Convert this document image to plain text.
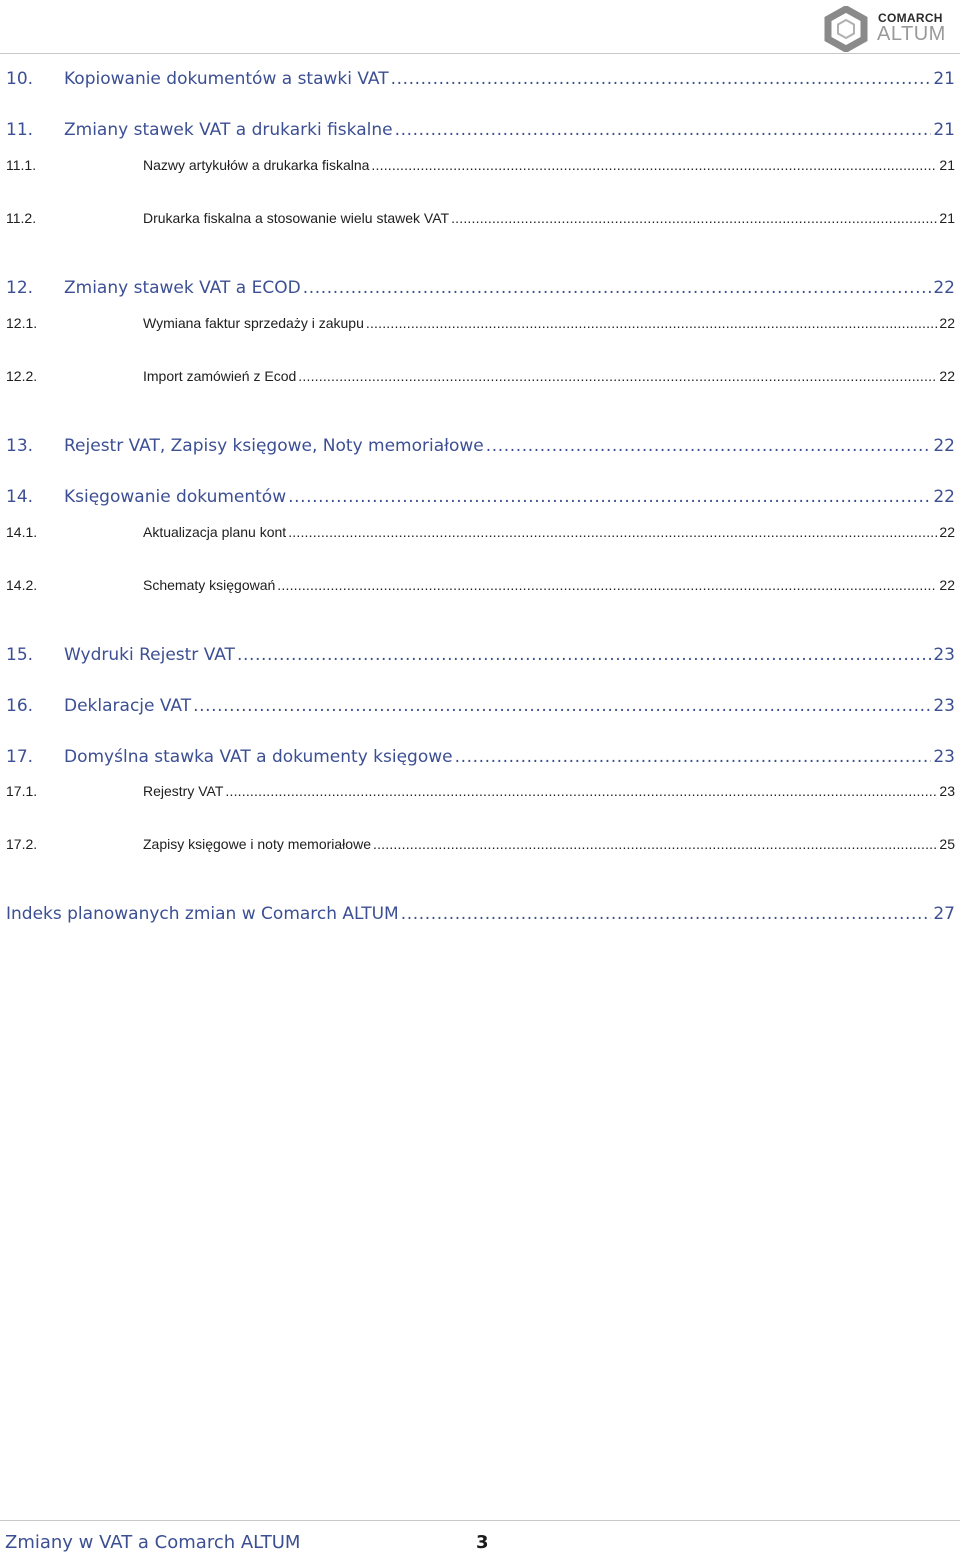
COMARCH
ALTUM
10.	Kopiowanie dokumentów a stawki VAT .....	21
11.	Zmiany stawek VAT a drukarki fiskalne .....	21
11.1.	Nazwy artykułów a drukarka fiskalna .....	21
11.2.	Drukarka fiskalna a stosowanie wielu stawek VAT .....	21
12.	Zmiany stawek VAT a ECOD .....	22
12.1.	Wymiana faktur sprzedaży i zakupu .....	22
12.2.	Import zamówień z Ecod .....	22
13.	Rejestr VAT, Zapisy księgowe, Noty memoriałowe .....	22
14.	Księgowanie dokumentów .....	22
14.1.	Aktualizacja planu kont .....	22
14.2.	Schematy księgowań .....	22
15.	Wydruki Rejestr VAT .....	23
16.	Deklaracje VAT .....	23
17.	Domyślna stawka VAT a dokumenty księgowe .....	23
17.1.	Rejestry VAT .....	23
17.2.	Zapisy księgowe i noty memoriałowe .....	25
Indeks planowanych zmian w Comarch ALTUM .....	27
Zmiany w VAT a Comarch ALTUM	3
